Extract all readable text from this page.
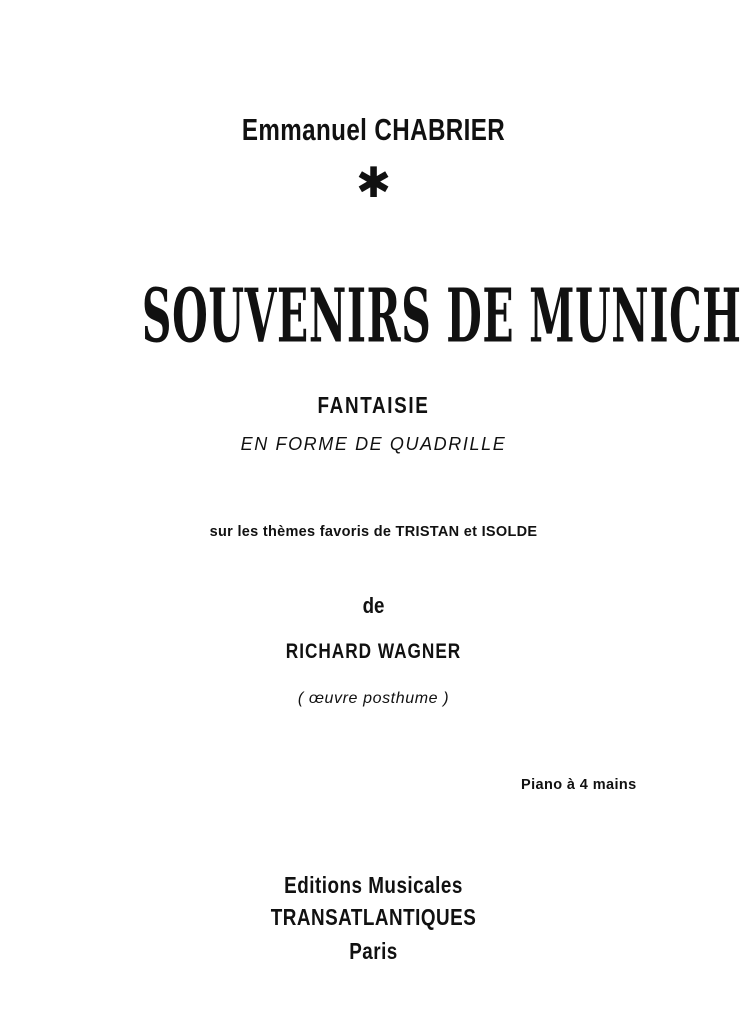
Emmanuel CHABRIER

✱

SOUVENIRS DE MUNICH

FANTAISIE

EN FORME DE QUADRILLE

sur les thèmes favoris de TRISTAN et ISOLDE

de

RICHARD WAGNER

( œuvre posthume )

Piano à 4 mains

Editions Musicales

TRANSATLANTIQUES

Paris
